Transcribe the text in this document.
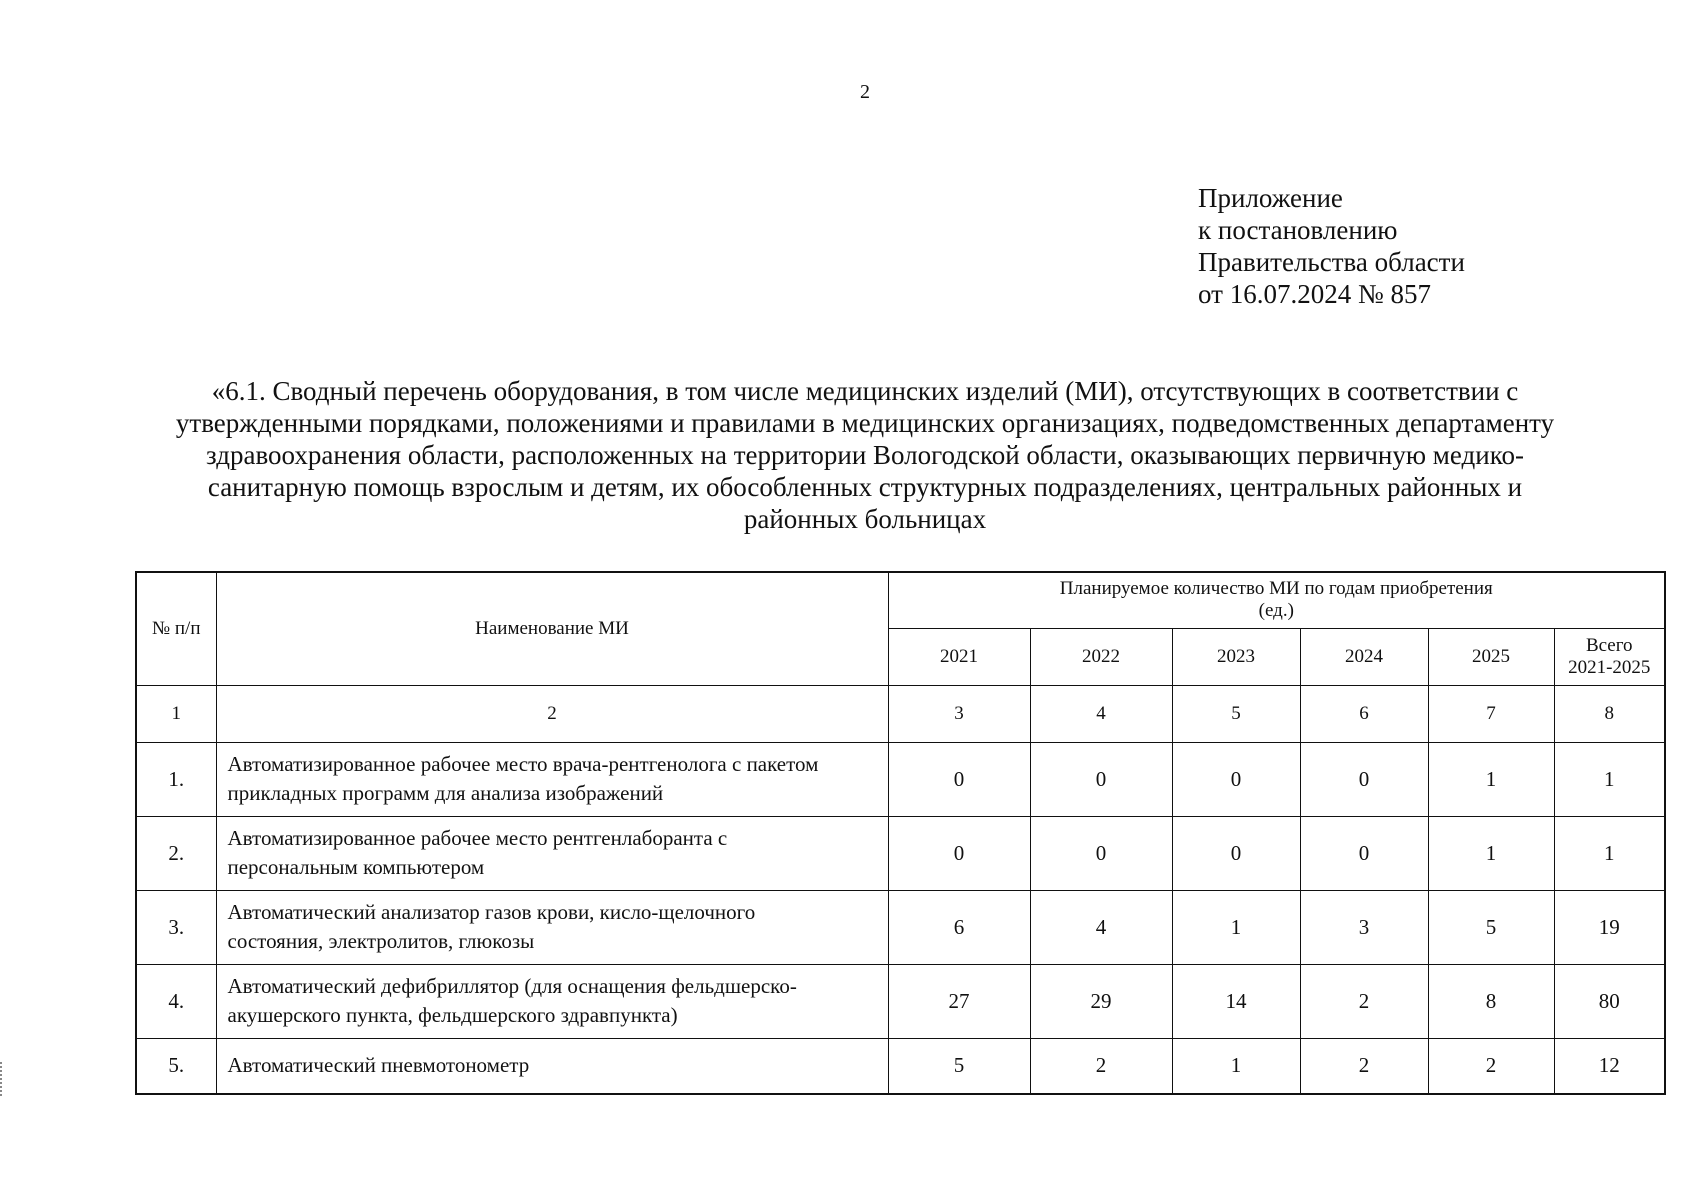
2
Приложение
к постановлению
Правительства области
от 16.07.2024 № 857
«6.1. Сводный перечень оборудования, в том числе медицинских изделий (МИ), отсутствующих в соответствии с
утвержденными порядками, положениями и правилами в медицинских организациях, подведомственных департаменту
здравоохранения области, расположенных на территории Вологодской области, оказывающих первичную медико-
санитарную помощь взрослым и детям, их обособленных структурных подразделениях, центральных районных и
районных больницах
№ п/п	Наименование МИ	Планируемое количество МИ по годам приобретения
(ед.)					

		2021	2022	2023	2024	2025	Всего
2021-2025

1	2	3	4	5	6	7	8
1.	Автоматизированное рабочее место врача-рентгенолога с пакетом
прикладных программ для анализа изображений	0	0	0	0	1	1
2.	Автоматизированное рабочее место рентгенлаборанта с
персональным компьютером	0	0	0	0	1	1
3.	Автоматический анализатор газов крови, кисло-щелочного
состояния, электролитов, глюкозы	6	4	1	3	5	19
4.	Автоматический дефибриллятор (для оснащения фельдшерско-
акушерского пункта, фельдшерского здравпункта)	27	29	14	2	8	80
5.	Автоматический пневмотонометр	5	2	1	2	2	12
